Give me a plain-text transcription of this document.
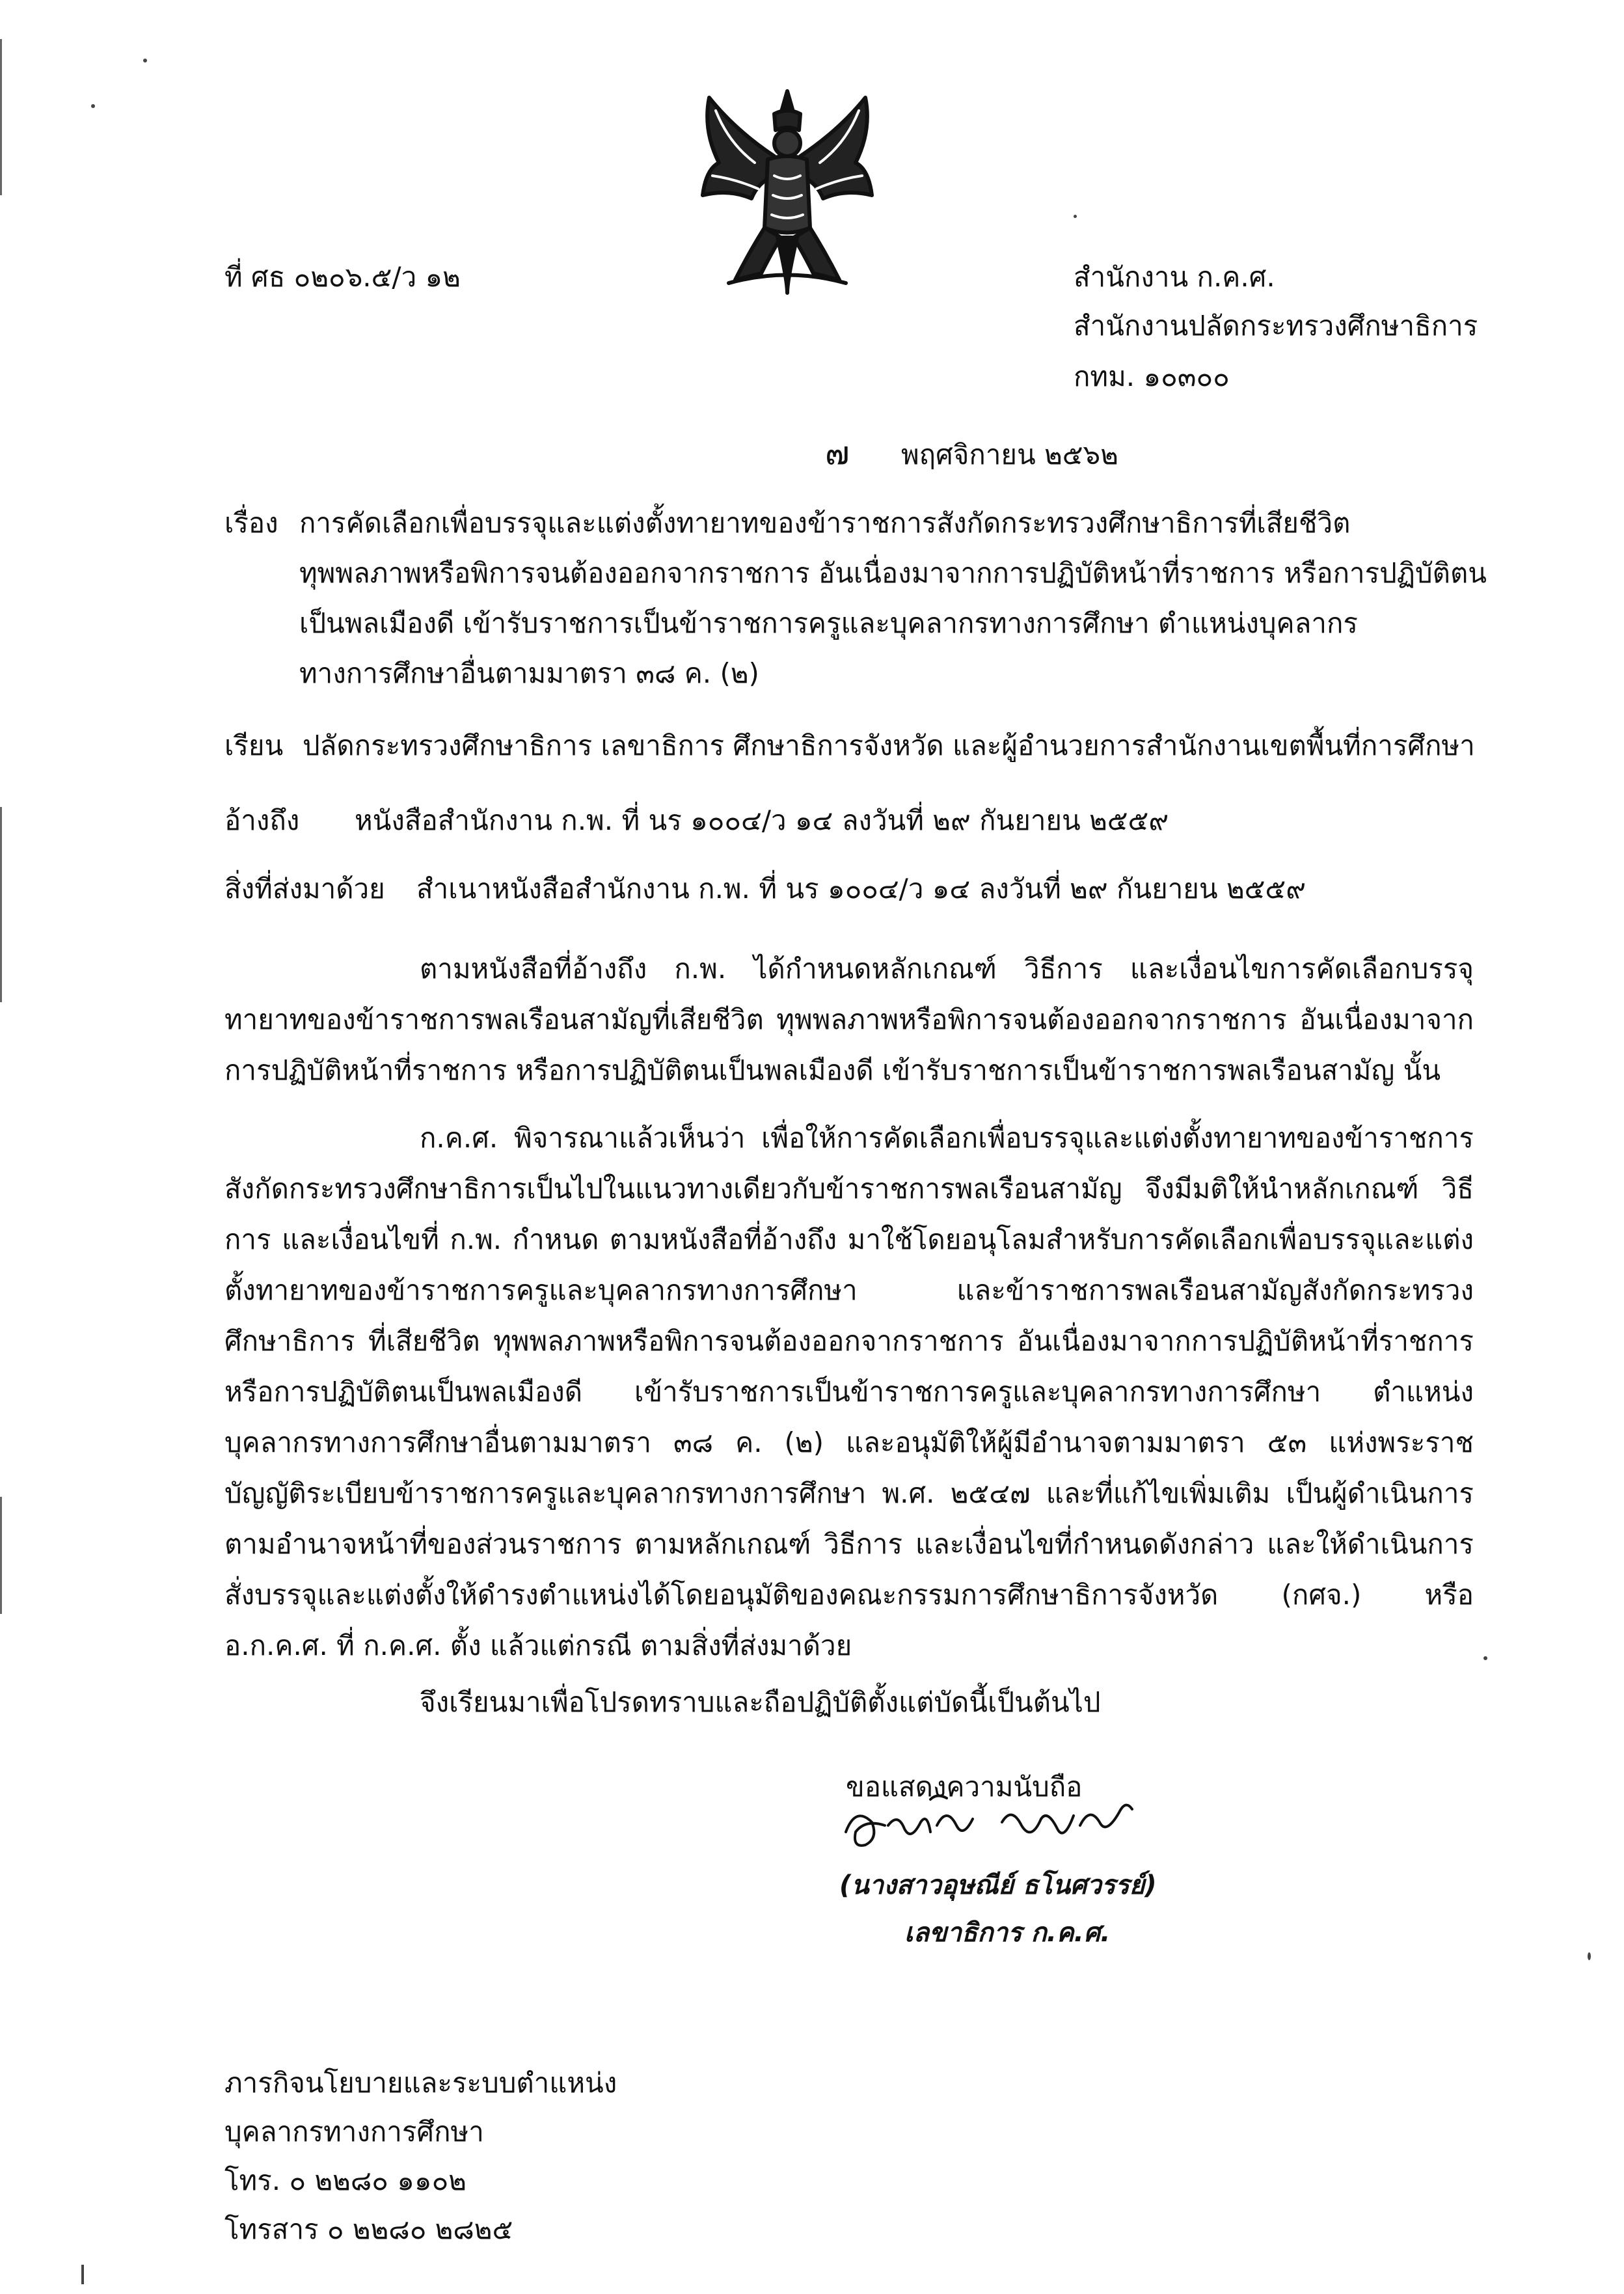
ที่ ศธ ๐๒๐๖.๕/ว ๑๒	สำนักงาน ก.ค.ศ.
สำนักงานปลัดกระทรวงศึกษาธิการ
กทม. ๑๐๓๐๐
๗ พฤศจิกายน ๒๕๖๒
เรื่อง การคัดเลือกเพื่อบรรจุและแต่งตั้งทายาทของข้าราชการสังกัดกระทรวงศึกษาธิการที่เสียชีวิต
ทุพพลภาพหรือพิการจนต้องออกจากราชการ อันเนื่องมาจากการปฏิบัติหน้าที่ราชการ หรือการปฏิบัติตน
เป็นพลเมืองดี เข้ารับราชการเป็นข้าราชการครูและบุคลากรทางการศึกษา ตำแหน่งบุคลากร
ทางการศึกษาอื่นตามมาตรา ๓๘ ค. (๒)
เรียน ปลัดกระทรวงศึกษาธิการ เลขาธิการ ศึกษาธิการจังหวัด และผู้อำนวยการสำนักงานเขตพื้นที่การศึกษา
อ้างถึง หนังสือสำนักงาน ก.พ. ที่ นร ๑๐๐๔/ว ๑๔ ลงวันที่ ๒๙ กันยายน ๒๕๕๙
สิ่งที่ส่งมาด้วย สำเนาหนังสือสำนักงาน ก.พ. ที่ นร ๑๐๐๔/ว ๑๔ ลงวันที่ ๒๙ กันยายน ๒๕๕๙
ตามหนังสือที่อ้างถึง ก.พ. ได้กำหนดหลักเกณฑ์ วิธีการ และเงื่อนไขการคัดเลือกบรรจุทายาทของข้าราชการพลเรือนสามัญที่เสียชีวิต ทุพพลภาพหรือพิการจนต้องออกจากราชการ อันเนื่องมาจากการปฏิบัติหน้าที่ราชการ หรือการปฏิบัติตนเป็นพลเมืองดี เข้ารับราชการเป็นข้าราชการพลเรือนสามัญ นั้น
ก.ค.ศ. พิจารณาแล้วเห็นว่า เพื่อให้การคัดเลือกเพื่อบรรจุและแต่งตั้งทายาทของข้าราชการสังกัดกระทรวงศึกษาธิการเป็นไปในแนวทางเดียวกับข้าราชการพลเรือนสามัญ จึงมีมติให้นำหลักเกณฑ์ วิธีการ และเงื่อนไขที่ ก.พ. กำหนด ตามหนังสือที่อ้างถึง มาใช้โดยอนุโลมสำหรับการคัดเลือกเพื่อบรรจุและแต่งตั้งทายาทของข้าราชการครูและบุคลากรทางการศึกษา และข้าราชการพลเรือนสามัญสังกัดกระทรวงศึกษาธิการ ที่เสียชีวิต ทุพพลภาพหรือพิการจนต้องออกจากราชการ อันเนื่องมาจากการปฏิบัติหน้าที่ราชการ หรือการปฏิบัติตนเป็นพลเมืองดี เข้ารับราชการเป็นข้าราชการครูและบุคลากรทางการศึกษา ตำแหน่งบุคลากรทางการศึกษาอื่นตามมาตรา ๓๘ ค. (๒) และอนุมัติให้ผู้มีอำนาจตามมาตรา ๕๓ แห่งพระราชบัญญัติระเบียบข้าราชการครูและบุคลากรทางการศึกษา พ.ศ. ๒๕๔๗ และที่แก้ไขเพิ่มเติม เป็นผู้ดำเนินการตามอำนาจหน้าที่ของส่วนราชการ ตามหลักเกณฑ์ วิธีการ และเงื่อนไขที่กำหนดดังกล่าว และให้ดำเนินการสั่งบรรจุและแต่งตั้งให้ดำรงตำแหน่งได้โดยอนุมัติของคณะกรรมการศึกษาธิการจังหวัด (กศจ.) หรือ อ.ก.ค.ศ. ที่ ก.ค.ศ. ตั้ง แล้วแต่กรณี ตามสิ่งที่ส่งมาด้วย
จึงเรียนมาเพื่อโปรดทราบและถือปฏิบัติตั้งแต่บัดนี้เป็นต้นไป
ขอแสดงความนับถือ
(นางสาวอุษณีย์ ธโนศวรรย์)
เลขาธิการ ก.ค.ศ.
ภารกิจนโยบายและระบบตำแหน่ง
บุคลากรทางการศึกษา
โทร. ๐ ๒๒๘๐ ๑๑๐๒
โทรสาร ๐ ๒๒๘๐ ๒๘๒๕
